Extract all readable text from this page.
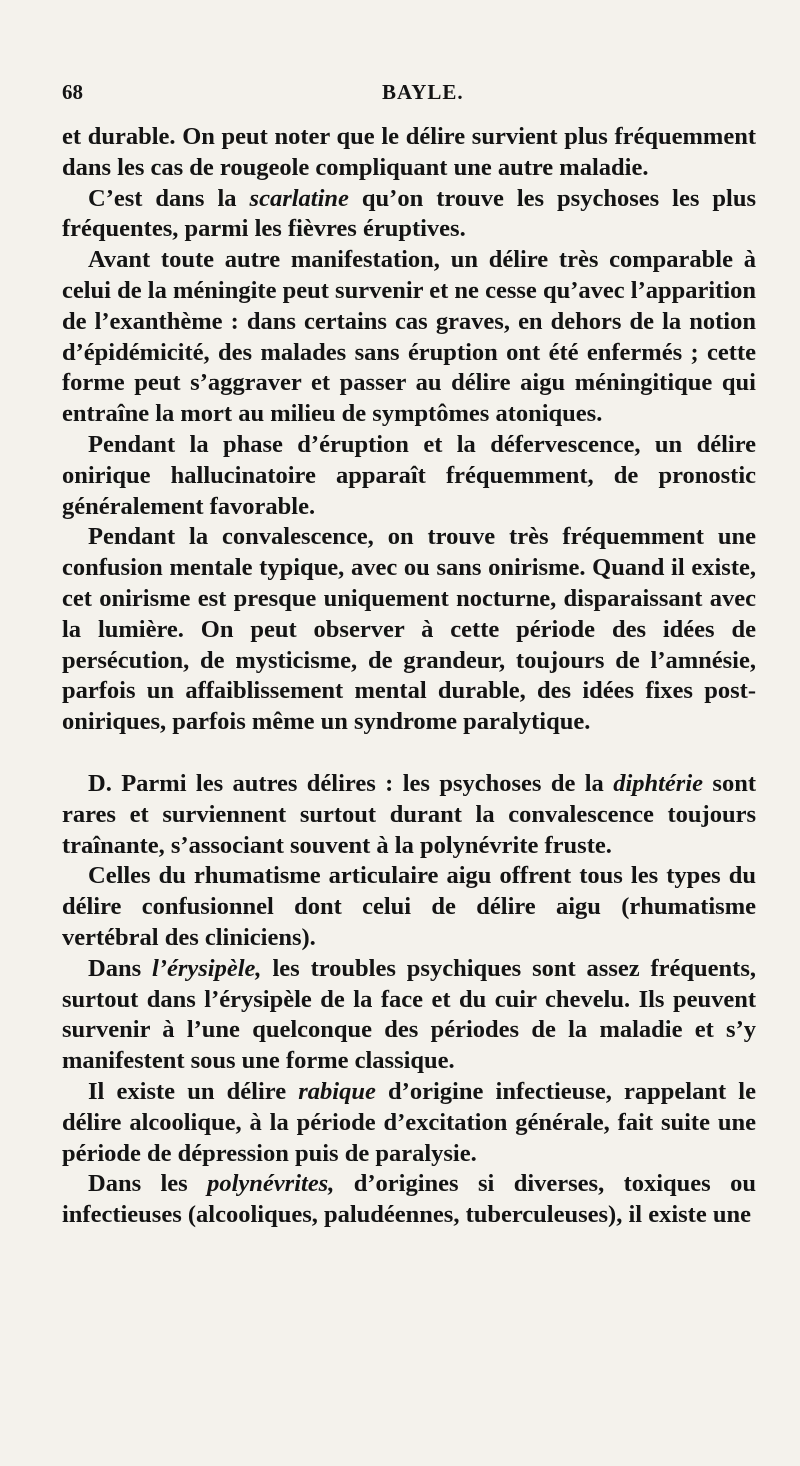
68	BAYLE.

et durable. On peut noter que le délire survient plus fréquemment dans les cas de rougeole compliquant une autre maladie.

C’est dans la scarlatine qu’on trouve les psychoses les plus fréquentes, parmi les fièvres éruptives.

Avant toute autre manifestation, un délire très comparable à celui de la méningite peut survenir et ne cesse qu’avec l’apparition de l’exanthème : dans certains cas graves, en dehors de la notion d’épidémicité, des malades sans éruption ont été enfermés ; cette forme peut s’aggraver et passer au délire aigu méningitique qui entraîne la mort au milieu de symptômes atoniques.

Pendant la phase d’éruption et la défervescence, un délire onirique hallucinatoire apparaît fréquemment, de pronostic généralement favorable.

Pendant la convalescence, on trouve très fréquemment une confusion mentale typique, avec ou sans onirisme. Quand il existe, cet onirisme est presque uniquement nocturne, disparaissant avec la lumière. On peut observer à cette période des idées de persécution, de mysticisme, de grandeur, toujours de l’amnésie, parfois un affaiblissement mental durable, des idées fixes post-oniriques, parfois même un syndrome paralytique.

D. Parmi les autres délires : les psychoses de la diphtérie sont rares et surviennent surtout durant la convalescence toujours traînante, s’associant souvent à la polynévrite fruste.

Celles du rhumatisme articulaire aigu offrent tous les types du délire confusionnel dont celui de délire aigu (rhumatisme vertébral des cliniciens).

Dans l’érysipèle, les troubles psychiques sont assez fréquents, surtout dans l’érysipèle de la face et du cuir chevelu. Ils peuvent survenir à l’une quelconque des périodes de la maladie et s’y manifestent sous une forme classique.

Il existe un délire rabique d’origine infectieuse, rappelant le délire alcoolique, à la période d’excitation générale, fait suite une période de dépression puis de paralysie.

Dans les polynévrites, d’origines si diverses, toxiques ou infectieuses (alcooliques, paludéennes, tuberculeuses), il existe une
